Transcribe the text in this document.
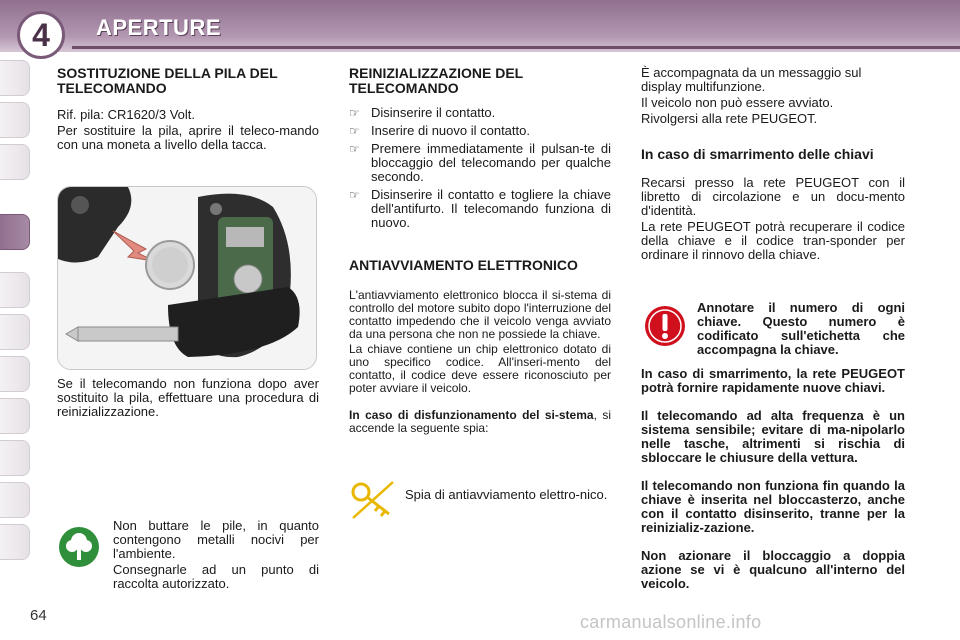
4	APERTURE
SOSTITUZIONE DELLA PILA DEL TELECOMANDO

Rif. pila: CR1620/3 Volt.

Per sostituire la pila, aprire il teleco-mando con una moneta a livello della tacca.

Se il telecomando non funziona dopo aver sostituito la pila, effettuare una procedura di reinizializzazione.

Non buttare le pile, in quanto contengono metalli nocivi per l'ambiente.

Consegnarle ad un punto di raccolta autorizzato.

REINIZIALIZZAZIONE DEL TELECOMANDO
☞ Disinserire il contatto.
☞ Inserire di nuovo il contatto.
☞ Premere immediatamente il pulsan-te di bloccaggio del telecomando per qualche secondo.
☞ Disinserire il contatto e togliere la chiave dell'antifurto. Il telecomando funziona di nuovo.
ANTIAVVIAMENTO ELETTRONICO

L'antiavviamento elettronico blocca il si-stema di controllo del motore subito dopo l'interruzione del contatto impedendo che il veicolo venga avviato da una persona che non ne possiede la chiave.

La chiave contiene un chip elettronico dotato di uno specifico codice. All'inseri-mento del contatto, il codice deve essere riconosciuto per poter avviare il veicolo.

In caso di disfunzionamento del si-stema, si accende la seguente spia:

Spia di antiavviamento elettro-nico.

È accompagnata da un messaggio sul display multifunzione.

Il veicolo non può essere avviato.

Rivolgersi alla rete PEUGEOT.

In caso di smarrimento delle chiavi

Recarsi presso la rete PEUGEOT con il libretto di circolazione e un docu-mento d'identità.

La rete PEUGEOT potrà recuperare il codice della chiave e il codice tran-sponder per ordinare il rinnovo della chiave.

Annotare il numero di ogni chiave. Questo numero è codificato sull'etichetta che accompagna la chiave.

In caso di smarrimento, la rete PEUGEOT potrà fornire rapidamente nuove chiavi.

Il telecomando ad alta frequenza è un sistema sensibile; evitare di ma-nipolarlo nelle tasche, altrimenti si rischia di sbloccare le chiusure della vettura.

Il telecomando non funziona fin quando la chiave è inserita nel bloccasterzo, anche con il contatto disinserito, tranne per la reinizializ-zazione.

Non azionare il bloccaggio a doppia azione se vi è qualcuno all'interno del veicolo.

64	carmanualsonline.info
